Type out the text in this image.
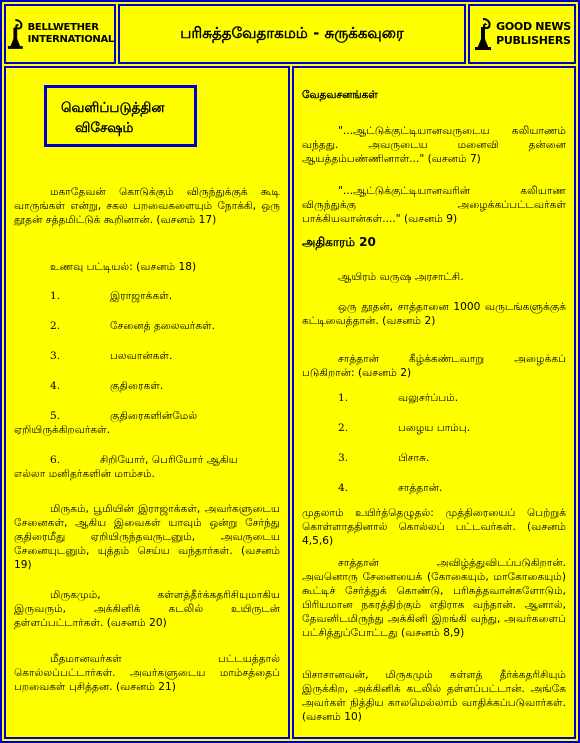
BELLWETHER
INTERNATIONAL	பரிசுத்தவேதாகமம் - சுருக்கவுரை	GOOD NEWS
PUBLISHERS
வெளிப்படுத்தின
விசேஷம்

மகாதேவன் கொடுக்கும் விருந்துக்குக் கூடி வாருங்கள் என்று, சகல பறவைகளையும் நோக்கி, ஒரு தூதன் சத்தமிட்டுக் கூறினான். (வசனம் 17)

உணவு பட்டியல்: (வசனம் 18)
1.	இராஜாக்கள்.
2.	சேனைத் தலைவர்கள்.
3.	பலவான்கள்.
4.	குதிரைகள்.
5.	குதிரைகளின்மேல்
ஏறியிருக்கிறவர்கள்.
6.	சிறியோர், பெரியோர் ஆகிய
எல்லா மனிதர்களின் மாம்சம்.

மிருகம், பூமியின் இராஜாக்கள், அவர்களுடைய சேனைகள், ஆகிய இவைகள் யாவும் ஒன்று சேர்ந்து குதிரைமீது ஏறியிருந்தவருடனும், அவருடைய சேனையுடனும், யுத்தம் செய்ய வந்தார்கள். (வசனம் 19)

மிருகமும், கள்ளத்தீர்க்கதரிசியுமாகிய இருவரும், அக்கினிக் கடலில் உயிருடன் தள்ளப்பட்டார்கள். (வசனம் 20)

மீதமானவர்கள் பட்டயத்தால் கொல்லப்பட்டார்கள். அவர்களுடைய மாம்சத்தைப் பறவைகள் புசித்தன. (வசனம் 21)

வேதவசனங்கள்

"...ஆட்டுக்குட்டியானவருடைய கலியாணம் வந்தது. அவருடைய மனைவி தன்னை ஆயத்தம்பண்ணினாள்..." (வசனம் 7)

"...ஆட்டுக்குட்டியானவரின் கலியாண விருந்துக்கு அழைக்கப்பட்டவர்கள் பாக்கியவான்கள்...." (வசனம் 9)

அதிகாரம் 20
ஆயிரம் வருஷ அரசாட்சி.

ஒரு தூதன், சாத்தானை 1000 வருடங்களுக்குக் கட்டிவைத்தான். (வசனம் 2)

சாத்தான் கீழ்க்கண்டவாறு அழைக்கப் படுகிறான்: (வசனம் 2)

1.	வலுசர்ப்பம்.
2.	பழைய பாம்பு.
3.	பிசாசு.
4.	சாத்தான்.

முதலாம் உயிர்த்தெழுதல்: முத்திரையைப் பெற்றுக் கொள்ளாததினால் கொல்லப் பட்டவர்கள். (வசனம் 4,5,6)

சாத்தான் அவிழ்த்துவிடப்படுகிறான். அவனொரு சேனையைக் (கோகையும், மாகோகையும்) கூட்டிச் சேர்த்துக் கொண்டு, பரிசுத்தவான்களோடும், பிரியமான நகரத்திற்கும் எதிராக வந்தான். ஆனால், தேவனிடமிருந்து அக்கினி இறங்கி வந்து, அவர்களைப் பட்சித்துப்போட்டது (வசனம் 8,9)

பிசாசானவன், மிருகமும் கள்ளத் தீர்க்கதரிசியும் இருக்கிற, அக்கினிக் கடலில் தள்ளப்பட்டான். அங்கே அவர்கள் நித்திய காலமெல்லாம் வாதிக்கப்படுவார்கள். (வசனம் 10)
